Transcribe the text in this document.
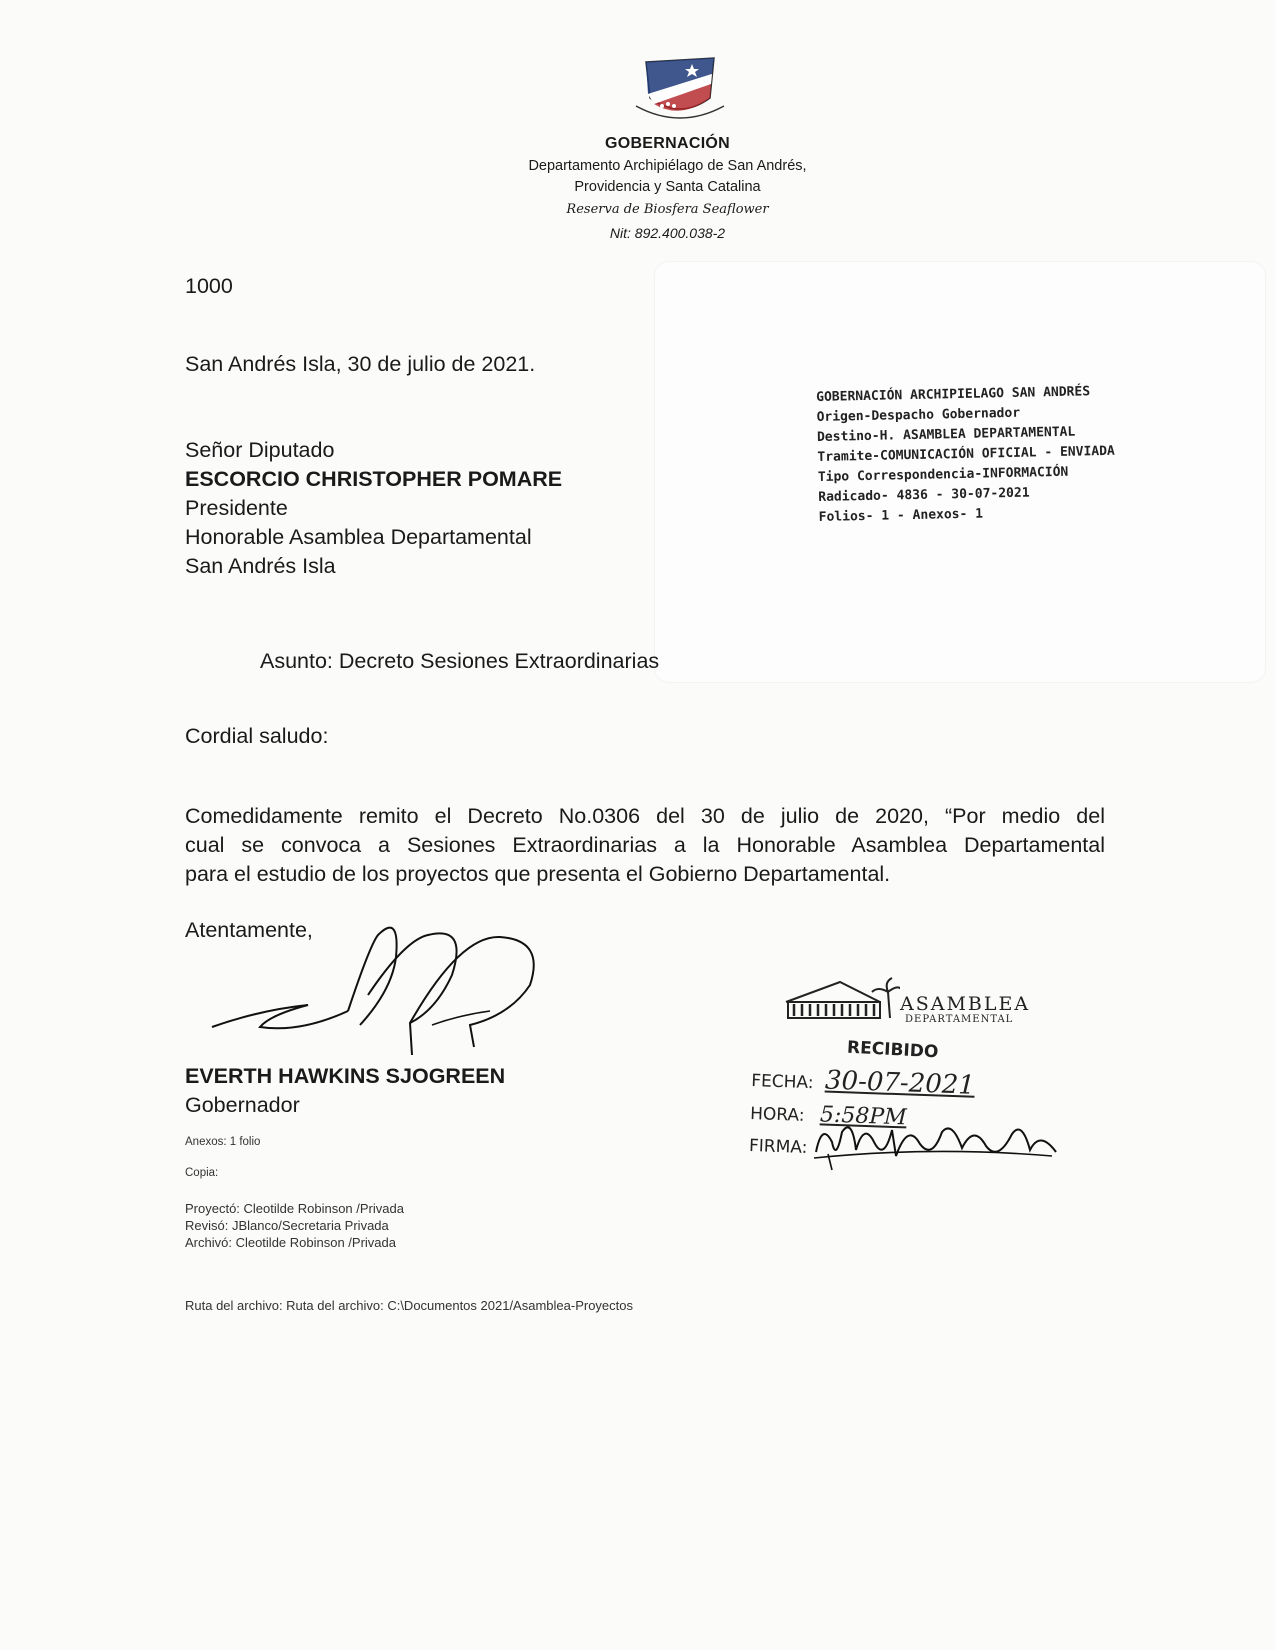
GOBERNACIÓN

Departamento Archipiélago de San Andrés,

Providencia y Santa Catalina

Reserva de Biosfera Seaflower

Nit: 892.400.038-2

1000

San Andrés Isla, 30 de julio de 2021.

GOBERNACIÓN ARCHIPIELAGO SAN ANDRÉS
Origen-Despacho Gobernador
Destino-H. ASAMBLEA DEPARTAMENTAL
Tramite-COMUNICACIÓN OFICIAL - ENVIADA
Tipo Correspondencia-INFORMACIÓN
Radicado- 4836 - 30-07-2021
Folios- 1 - Anexos- 1

Señor Diputado

ESCORCIO CHRISTOPHER POMARE

Presidente

Honorable Asamblea Departamental

San Andrés Isla

Asunto: Decreto Sesiones Extraordinarias

Cordial saludo:

Comedidamente remito el Decreto No.0306 del 30 de julio de 2020, “Por medio del

cual se convoca a Sesiones Extraordinarias a la Honorable Asamblea Departamental

para el estudio de los proyectos que presenta el Gobierno Departamental.

Atentamente,

EVERTH HAWKINS SJOGREEN

Gobernador

Anexos: 1 folio

Copia:

Proyectó: Cleotilde Robinson /Privada

Revisó: JBlanco/Secretaria Privada

Archivó: Cleotilde Robinson /Privada

Ruta del archivo: Ruta del archivo: C:\Documentos 2021/Asamblea-Proyectos

ASAMBLEA

DEPARTAMENTAL

RECIBIDO

FECHA: 30-07-2021
HORA: 5:58PM
FIRMA:
